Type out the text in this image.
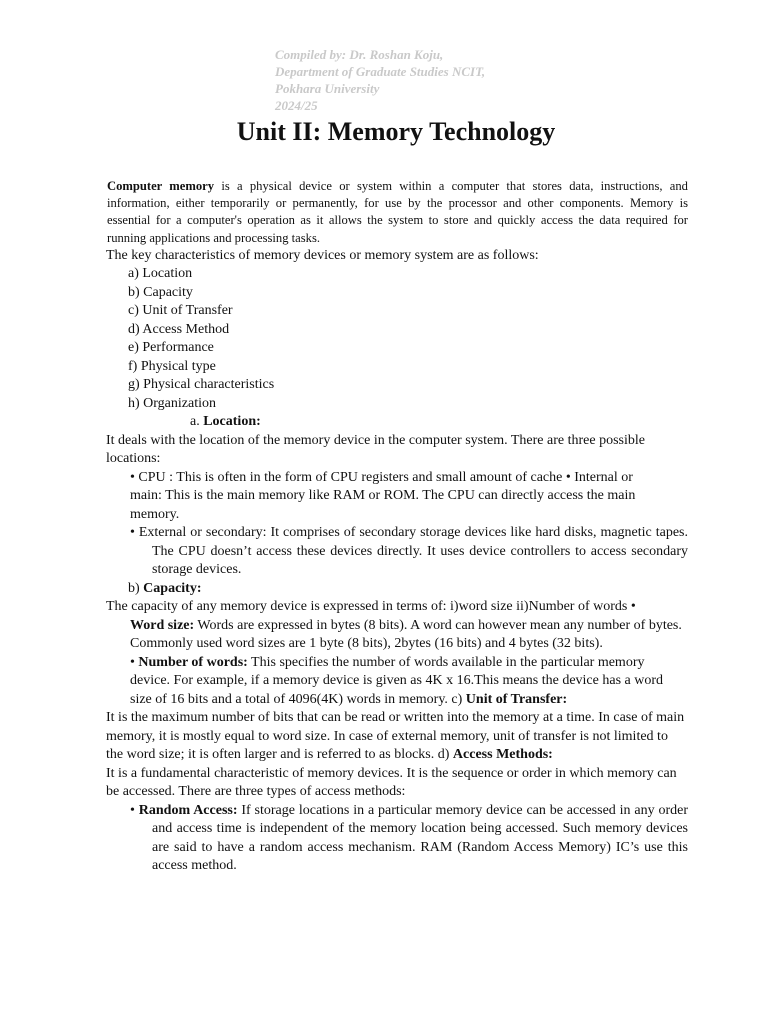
Compiled by: Dr. Roshan Koju,
Department of Graduate Studies NCIT,
Pokhara University
2024/25
Unit II: Memory Technology

Computer memory is a physical device or system within a computer that stores data, instructions, and information, either temporarily or permanently, for use by the processor and other components. Memory is essential for a computer's operation as it allows the system to store and quickly access the data required for running applications and processing tasks.

The key characteristics of memory devices or memory system are as follows:

a) Location
b) Capacity
c) Unit of Transfer
d) Access Method
e) Performance
f) Physical type
g) Physical characteristics
h) Organization

a. Location:

It deals with the location of the memory device in the computer system. There are three possible locations:

• CPU : This is often in the form of CPU registers and small amount of cache • Internal or
main: This is the main memory like RAM or ROM. The CPU can directly access the main
memory.

• External or secondary: It comprises of secondary storage devices like hard disks, magnetic tapes. The CPU doesn’t access these devices directly. It uses device controllers to access secondary storage devices.

b) Capacity:

The capacity of any memory device is expressed in terms of: i)word size ii)Number of words •

Word size: Words are expressed in bytes (8 bits). A word can however mean any number of bytes. Commonly used word sizes are 1 byte (8 bits), 2bytes (16 bits) and 4 bytes (32 bits).

• Number of words: This specifies the number of words available in the particular memory device. For example, if a memory device is given as 4K x 16.This means the device has a word size of 16 bits and a total of 4096(4K) words in memory. c) Unit of Transfer:

It is the maximum number of bits that can be read or written into the memory at a time. In case of main memory, it is mostly equal to word size. In case of external memory, unit of transfer is not limited to the word size; it is often larger and is referred to as blocks. d) Access Methods:

It is a fundamental characteristic of memory devices. It is the sequence or order in which memory can be accessed. There are three types of access methods:

• Random Access: If storage locations in a particular memory device can be accessed in any order and access time is independent of the memory location being accessed. Such memory devices are said to have a random access mechanism. RAM (Random Access Memory) IC’s use this access method.
